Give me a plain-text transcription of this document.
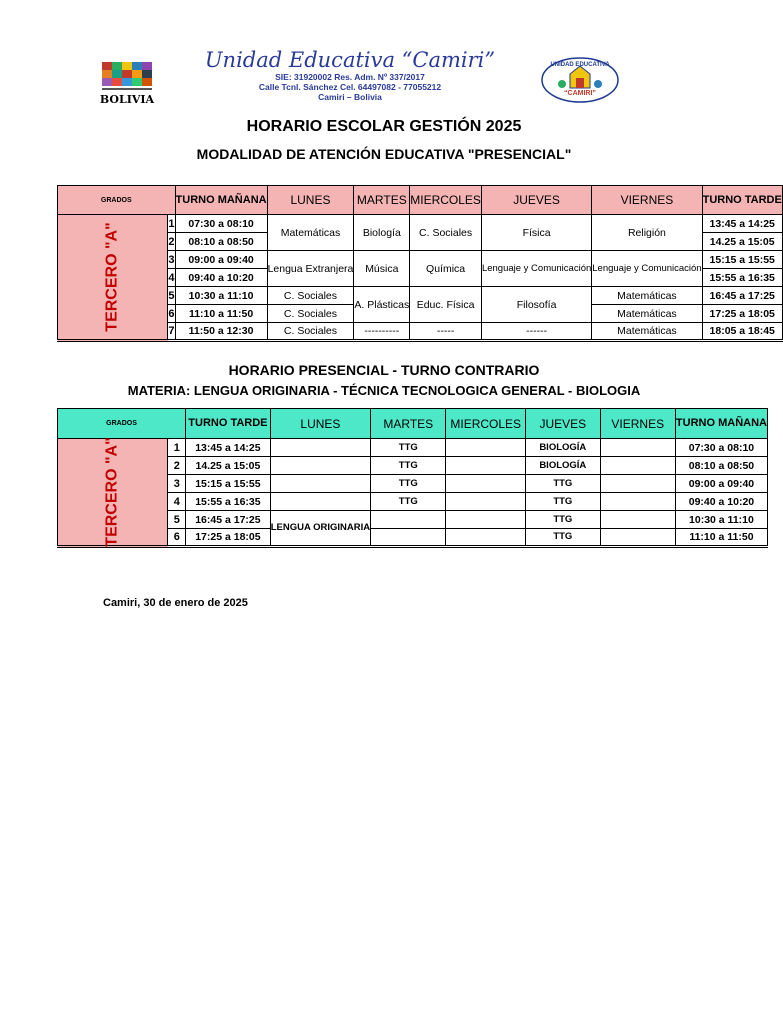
BOLIVIA
Unidad Educativa “Camiri”
SIE: 31920002 Res. Adm. Nº 337/2017
Calle Tcnl. Sánchez Cel. 64497082 - 77055212
Camiri – Bolivia
UNIDAD EDUCATIVA
“CAMIRI”
HORARIO ESCOLAR GESTIÓN 2025
MODALIDAD DE ATENCIÓN EDUCATIVA "PRESENCIAL"
GRADOS		TURNO MAÑANA	LUNES	MARTES	MIERCOLES	JUEVES	VIERNES	TURNO TARDE

TERCERO "A"	1	07:30 a 08:10	Matemáticas	Biología	C. Sociales	Física	Religión	13:45 a 14:25
	2	08:10 a 08:50						14.25 a 15:05
	3	09:00 a 09:40	Lengua Extranjera	Música	Química	Lenguaje y Comunicación	Lenguaje y Comunicación	15:15 a 15:55
	4	09:40 a 10:20						15:55 a 16:35
	5	10:30 a 11:10	C. Sociales	A. Plásticas	Educ. Física	Filosofía	Matemáticas	16:45 a 17:25
	6	11:10 a 11:50	C. Sociales				Matemáticas	17:25 a 18:05
	7	11:50 a 12:30	C. Sociales	----------	-----	------	Matemáticas	18:05 a 18:45
HORARIO PRESENCIAL - TURNO CONTRARIO
MATERIA: LENGUA ORIGINARIA - TÉCNICA TECNOLOGICA GENERAL - BIOLOGIA
GRADOS		TURNO TARDE	LUNES	MARTES	MIERCOLES	JUEVES	VIERNES	TURNO MAÑANA

TERCERO "A"	1	13:45 a 14:25		TTG		BIOLOGÍA		07:30 a 08:10
	2	14.25 a 15:05		TTG		BIOLOGÍA		08:10 a 08:50
	3	15:15 a 15:55		TTG		TTG		09:00 a 09:40
	4	15:55 a 16:35		TTG		TTG		09:40 a 10:20
	5	16:45 a 17:25	LENGUA ORIGINARIA			TTG		10:30 a 11:10
	6	17:25 a 18:05				TTG		11:10 a 11:50
Camiri, 30 de enero de 2025
